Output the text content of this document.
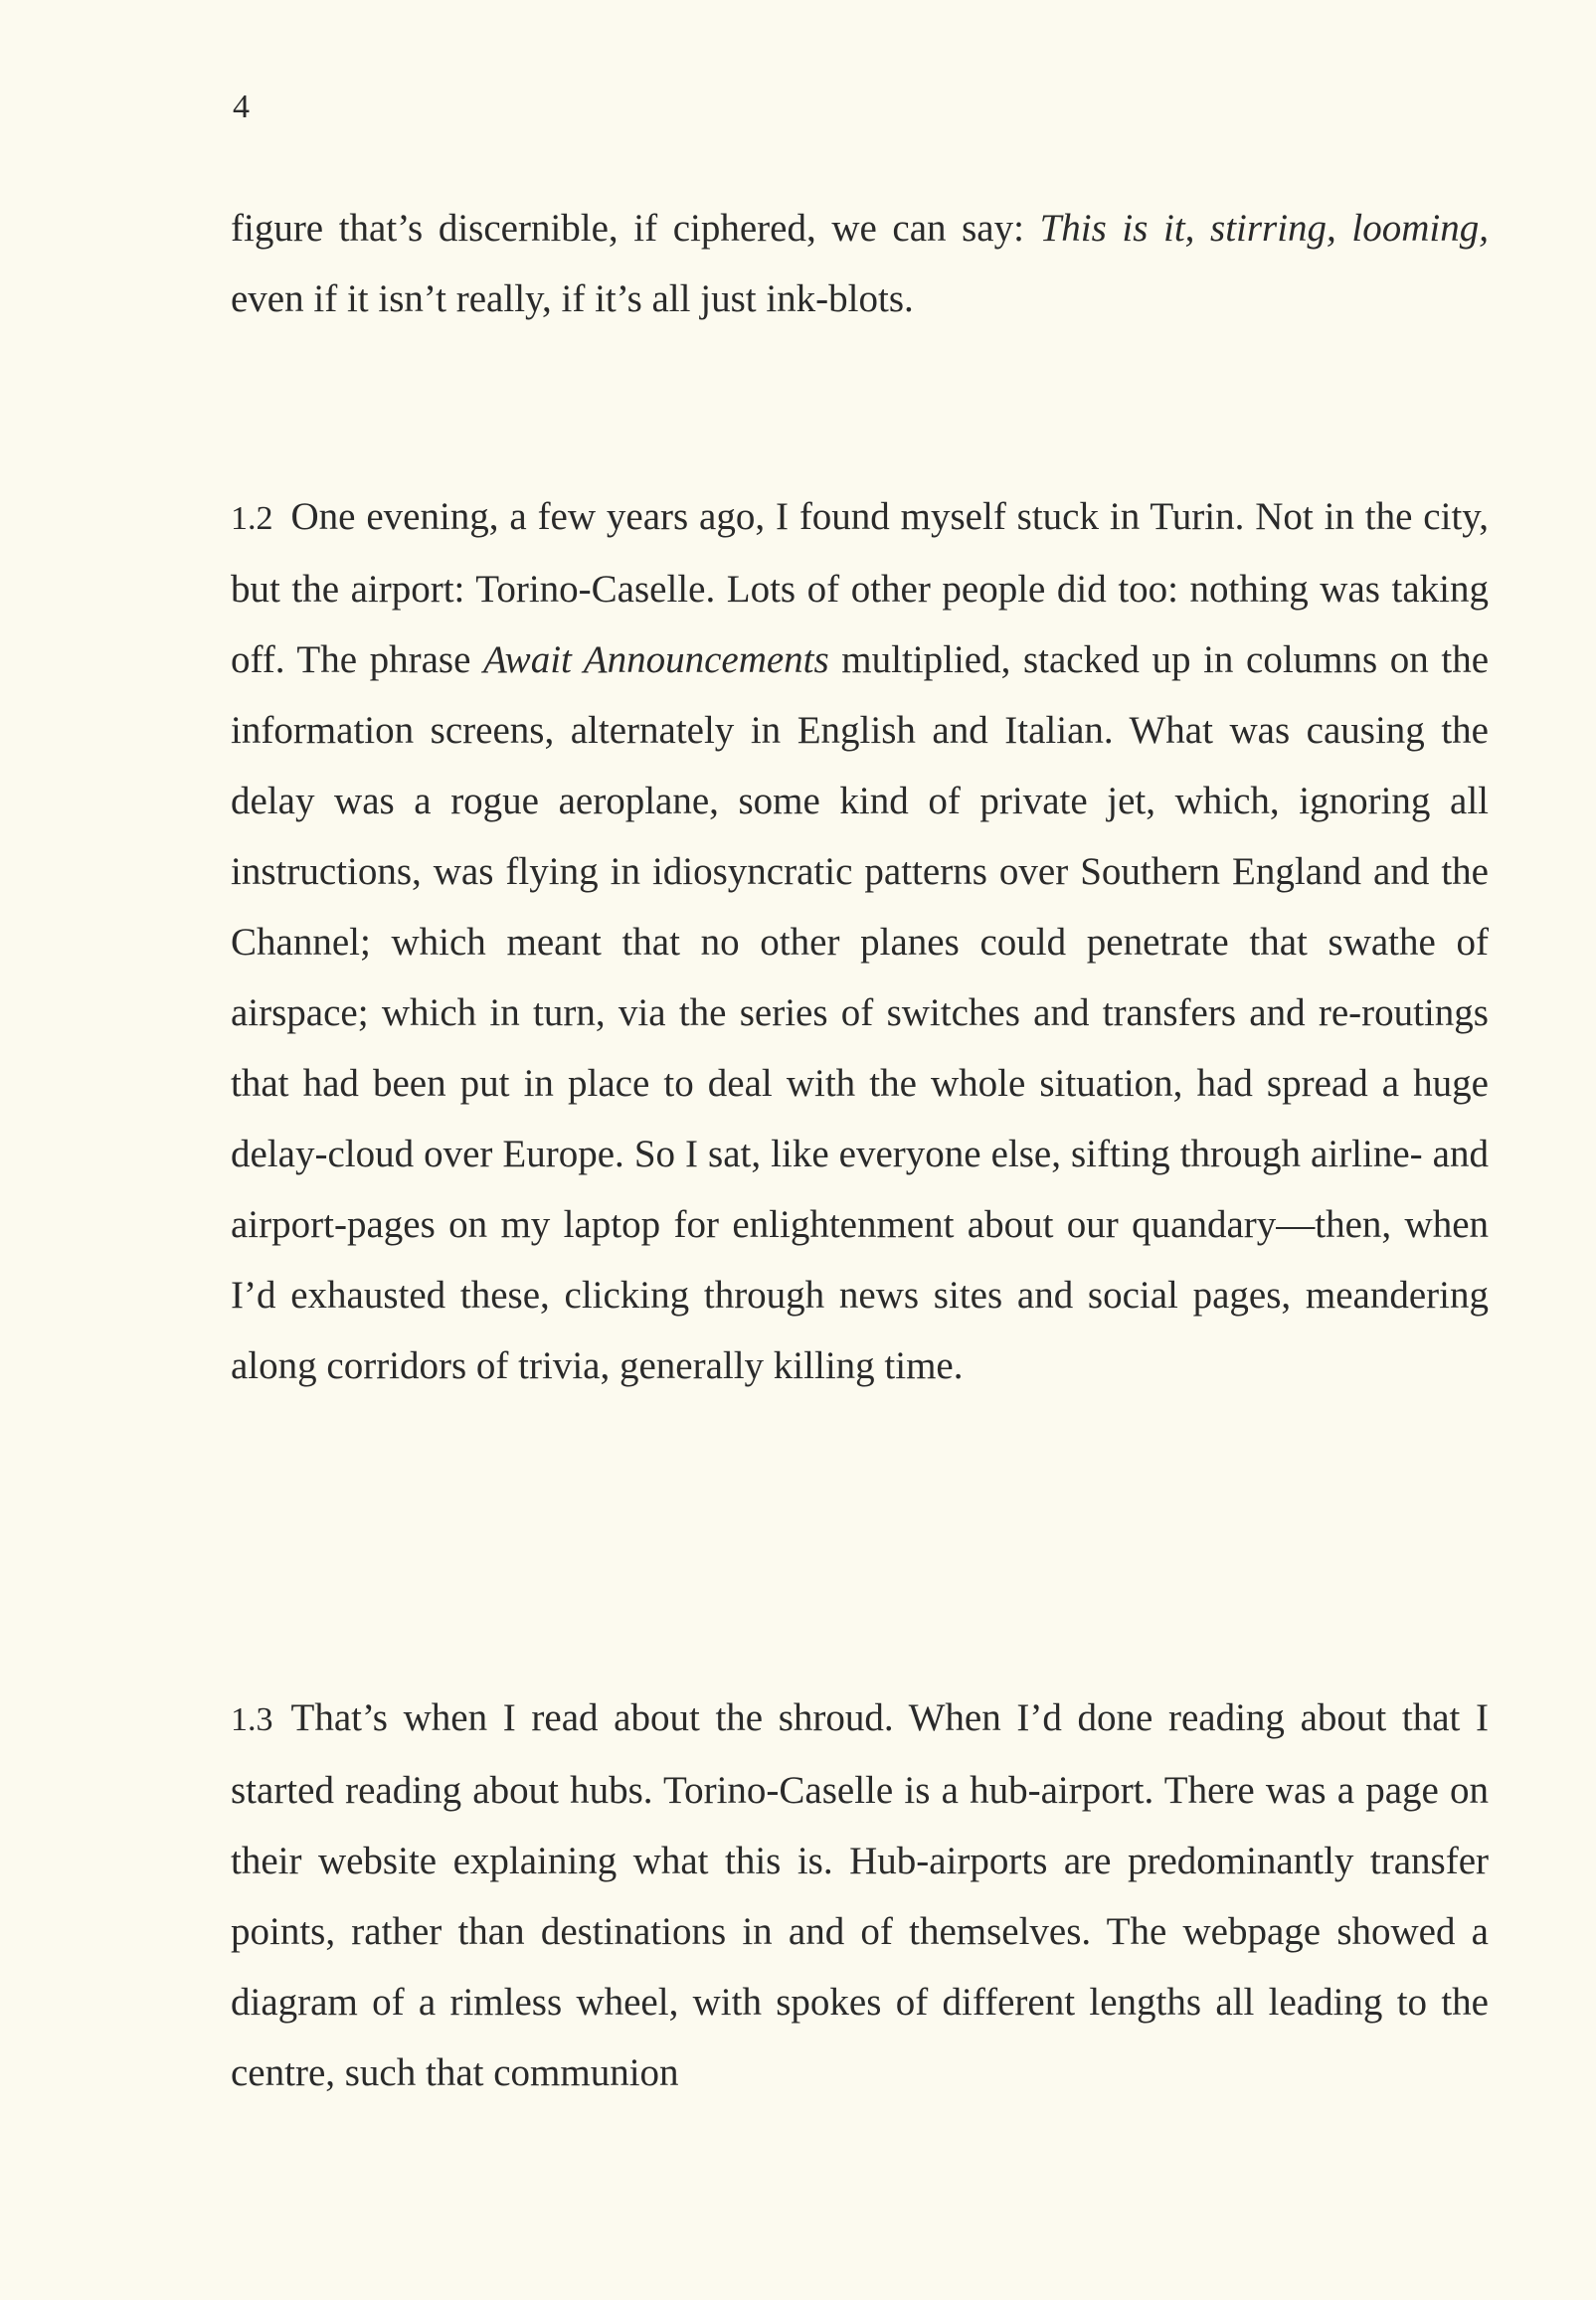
4

figure that’s discernible, if ciphered, we can say: This is it, stirring, looming, even if it isn’t really, if it’s all just ink-blots.

1.2 One evening, a few years ago, I found myself stuck in Turin. Not in the city, but the airport: Torino-Caselle. Lots of other people did too: nothing was taking off. The phrase Await Announcements multiplied, stacked up in columns on the information screens, alternately in English and Italian. What was causing the delay was a rogue aeroplane, some kind of private jet, which, ignoring all instructions, was flying in idiosyncratic patterns over Southern England and the Channel; which meant that no other planes could penetrate that swathe of airspace; which in turn, via the series of switches and transfers and re-routings that had been put in place to deal with the whole situation, had spread a huge delay-cloud over Europe. So I sat, like everyone else, sifting through airline- and airport-pages on my laptop for enlightenment about our quandary—then, when I’d exhausted these, clicking through news sites and social pages, meandering along corridors of trivia, generally killing time.

1.3 That’s when I read about the shroud. When I’d done reading about that I started reading about hubs. Torino-Caselle is a hub-airport. There was a page on their website explaining what this is. Hub-airports are predominantly transfer points, rather than destinations in and of themselves. The webpage showed a diagram of a rimless wheel, with spokes of different lengths all leading to the centre, such that communion
